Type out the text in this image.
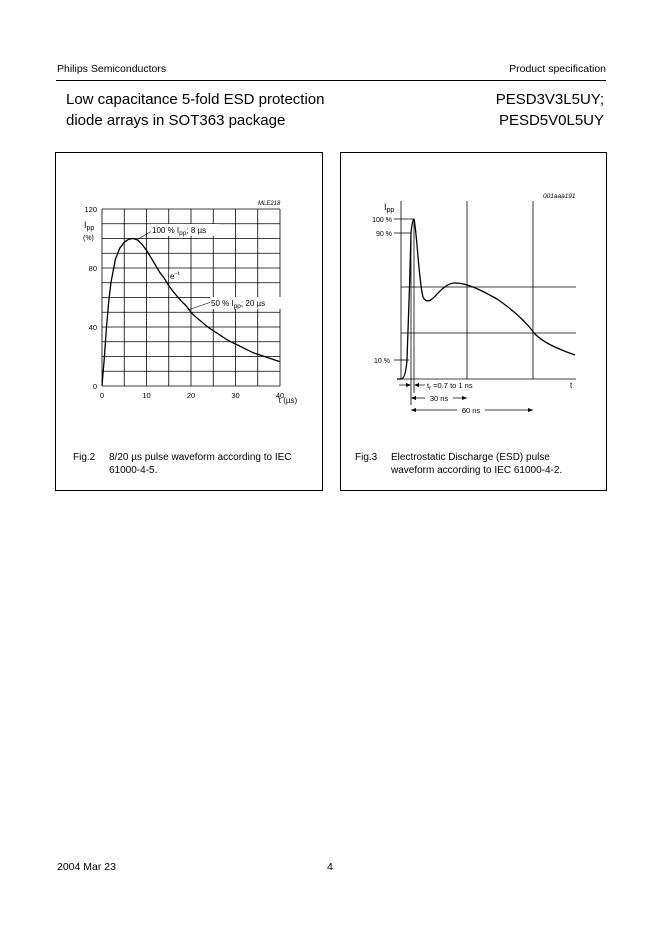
Philips Semiconductors	Product specification
Low capacitance 5-fold ESD protection
diode arrays in SOT363 package
PESD3V3L5UY;
PESD5V0L5UY
MLE218
$I_{pp}$
(%)
0
40
80
120
0	10	20	30	40
t (µs)
100 % $I_{pp}$; 8 µs
$e^{-t}$
50 % $I_{pp}$; 20 µs
Fig.2 8/20 µs pulse waveform according to IEC 61000-4-5.
001aaa191
$I_{pp}$
100 %
90 %
10 %
t
$t_r =0.7$ to 1 ns
30 ns
60 ns
Fig.3 Electrostatic Discharge (ESD) pulse waveform according to IEC 61000-4-2.
2004 Mar 23	4
